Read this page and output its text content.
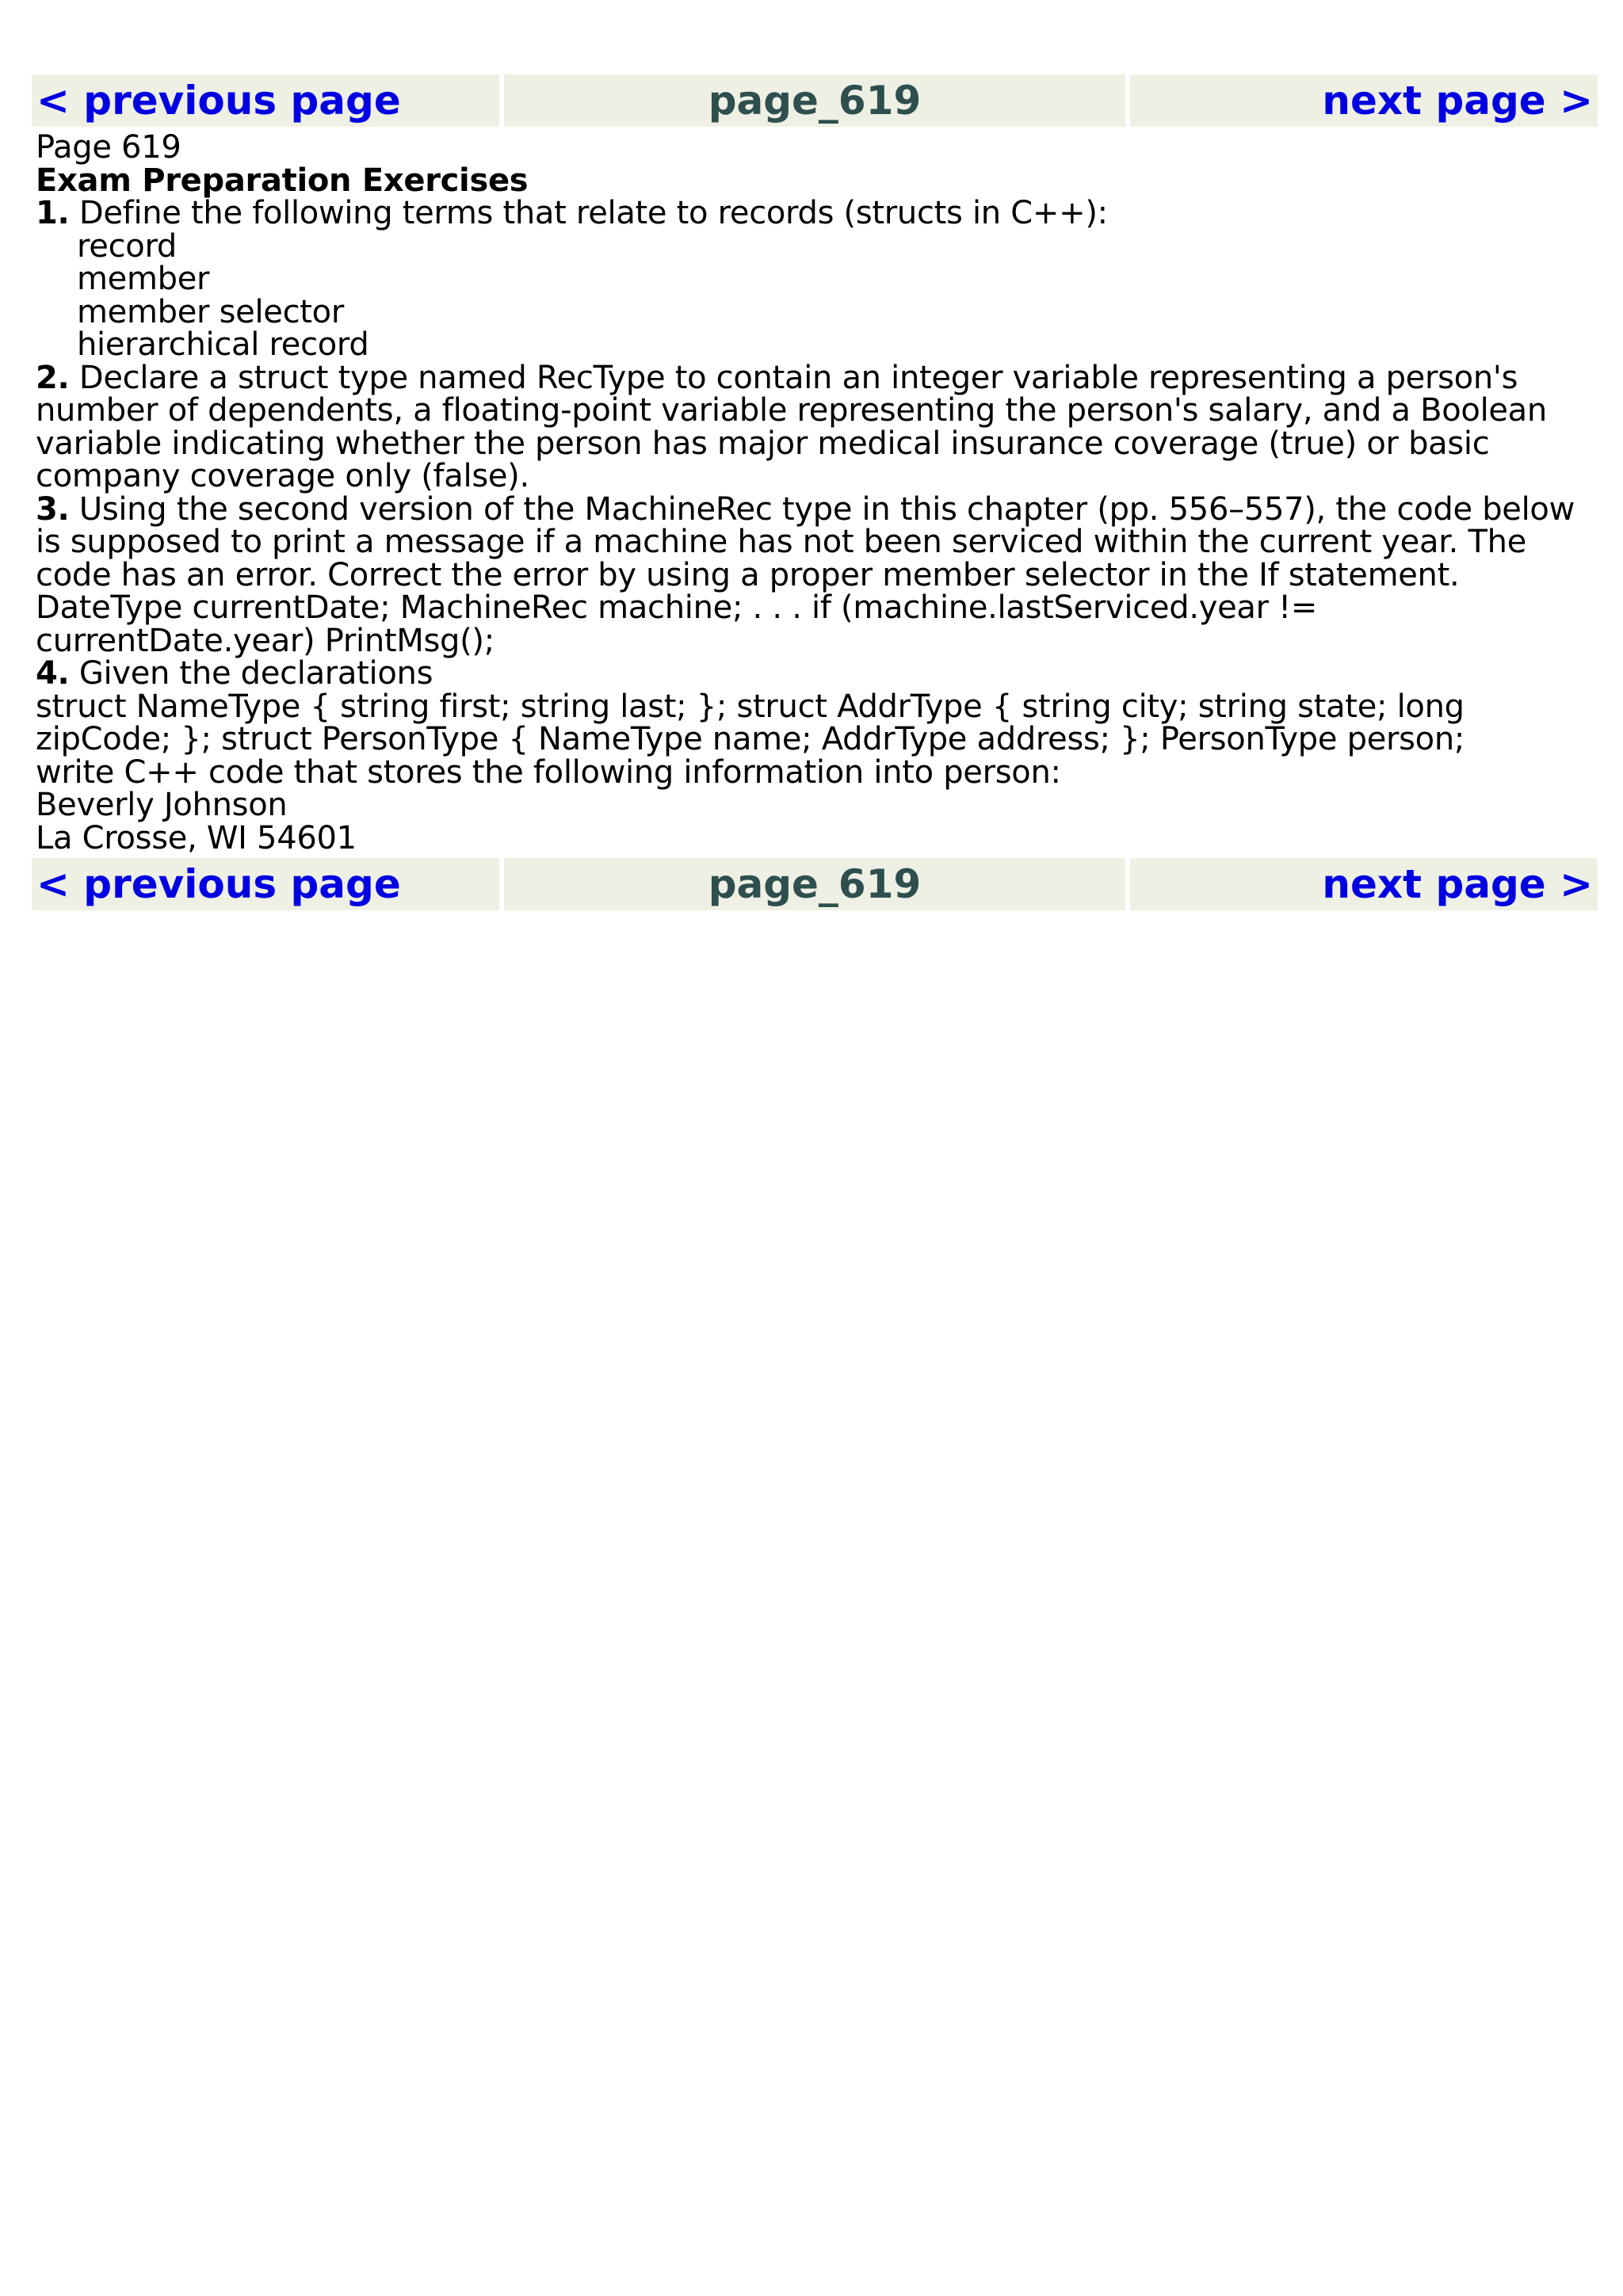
< previous page	page_619	next page >

Page 619

Exam Preparation Exercises

1. Define the following terms that relate to records (structs in C++):

record

member

member selector

hierarchical record

2. Declare a struct type named RecType to contain an integer variable representing a person's number of dependents, a floating-point variable representing the person's salary, and a Boolean variable indicating whether the person has major medical insurance coverage (true) or basic company coverage only (false).

3. Using the second version of the MachineRec type in this chapter (pp. 556–557), the code below is supposed to print a message if a machine has not been serviced within the current year. The code has an error. Correct the error by using a proper member selector in the If statement.

DateType currentDate; MachineRec machine; . . . if (machine.lastServiced.year != currentDate.year) PrintMsg();

4. Given the declarations

struct NameType { string first; string last; }; struct AddrType { string city; string state; long zipCode; }; struct PersonType { NameType name; AddrType address; }; PersonType person;

write C++ code that stores the following information into person:

Beverly Johnson

La Crosse, WI 54601

< previous page	page_619	next page >
